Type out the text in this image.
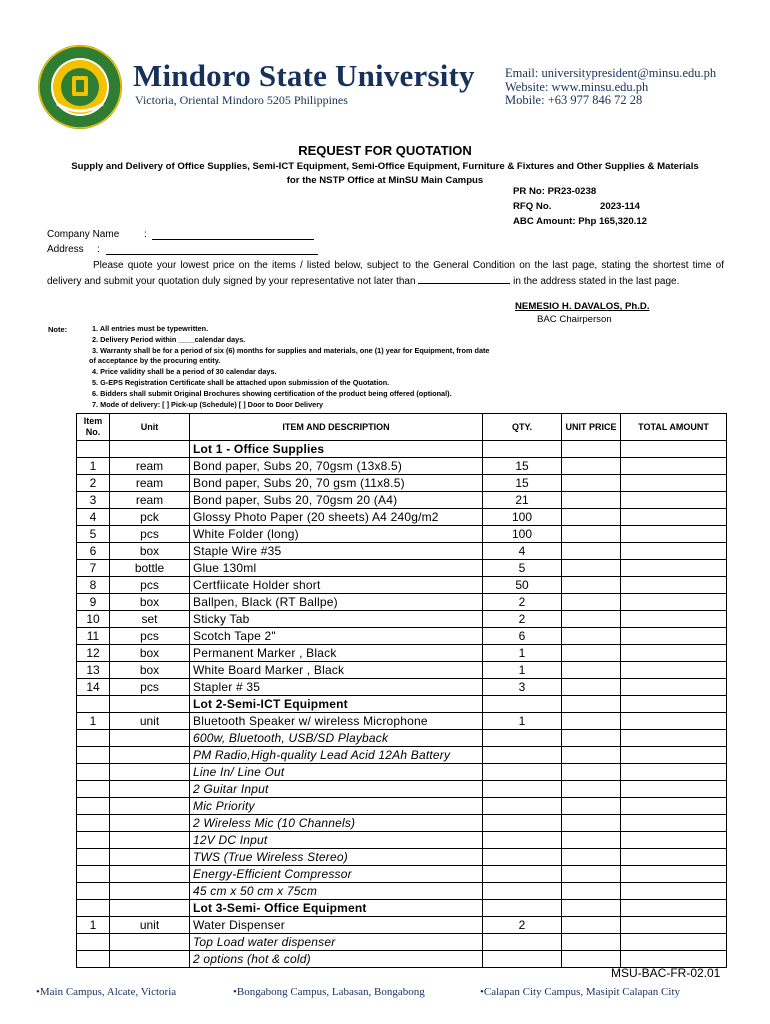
Mindoro State University
Victoria, Oriental Mindoro 5205 Philippines
Email: universitypresident@minsu.edu.ph
Website: www.minsu.edu.ph
Mobile: +63 977 846 72 28
REQUEST FOR QUOTATION
Supply and Delivery of Office Supplies, Semi-ICT Equipment, Semi-Office Equipment, Furniture & Fixtures and Other Supplies & Materials
for the NSTP Office at MinSU Main Campus
PR No: PR23-0238
RFQ No.	2023-114
ABC Amount: Php 165,320.12
Company Name :
Address :
Please quote your lowest price on the items / listed below, subject to the General Condition on the last page, stating the shortest time of delivery and submit your quotation duly signed by your representative not later than	in the address stated in the last page.
NEMESIO H. DAVALOS, Ph.D.
BAC Chairperson
Note:	1. All entries must be typewritten.
2. Delivery Period within ____calendar days.
3. Warranty shall be for a period of six (6) months for supplies and materials, one (1) year for Equipment, from date
of acceptance by the procuring entity.
4. Price validity shall be a period of 30 calendar days.
5. G-EPS Registration Certificate shall be attached upon submission of the Quotation.
6. Bidders shall submit Original Brochures showing certification of the product being offered (optional).
7. Mode of delivery: [ ] Pick-up (Schedule) [ ] Door to Door Delivery
Item No.	Unit	ITEM AND DESCRIPTION	QTY.	UNIT PRICE	TOTAL AMOUNT
		Lot 1 - Office Supplies			
1	ream	Bond paper, Subs 20, 70gsm (13x8.5)	15		
2	ream	Bond paper, Subs 20, 70 gsm (11x8.5)	15		
3	ream	Bond paper, Subs 20, 70gsm 20 (A4)	21		
4	pck	Glossy Photo Paper (20 sheets) A4 240g/m2	100		
5	pcs	White Folder (long)	100		
6	box	Staple Wire #35	4		
7	bottle	Glue 130ml	5		
8	pcs	Certfiicate Holder short	50		
9	box	Ballpen, Black (RT Ballpe)	2		
10	set	Sticky Tab	2		
11	pcs	Scotch Tape 2"	6		
12	box	Permanent Marker , Black	1		
13	box	White Board Marker , Black	1		
14	pcs	Stapler # 35	3		
		Lot 2-Semi-ICT Equipment			
1	unit	Bluetooth Speaker w/ wireless Microphone	1		
		600w, Bluetooth, USB/SD Playback			
		PM Radio,High-quality Lead Acid 12Ah Battery			
		Line In/ Line Out			
		2 Guitar Input			
		Mic Priority			
		2 Wireless Mic (10 Channels)			
		12V DC Input			
		TWS (True Wireless Stereo)			
		Energy-Efficient Compressor			
		45 cm x 50 cm x 75cm			
		Lot 3-Semi- Office Equipment			
1	unit	Water Dispenser	2		
		Top Load water dispenser			
		2 options (hot & cold)			
MSU-BAC-FR-02.01
•Main Campus, Alcate, Victoria	•Bongabong Campus, Labasan, Bongabong	•Calapan City Campus, Masipit Calapan City
